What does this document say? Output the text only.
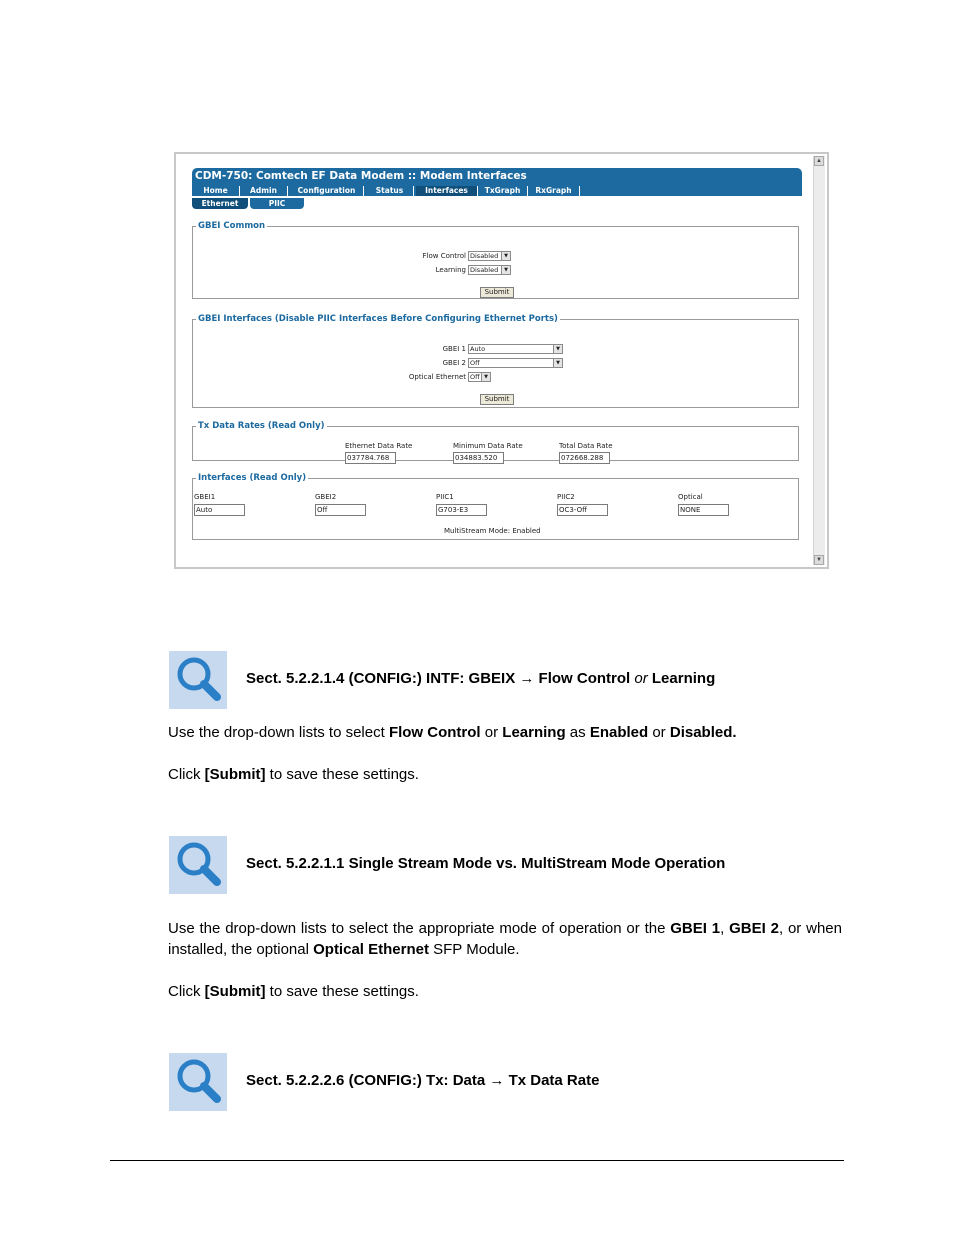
CDM-750: Comtech EF Data Modem :: Modem Interfaces
Home	Admin	Configuration	Status	Interfaces	TxGraph	RxGraph
Ethernet	PIIC
GBEI Common
Flow Control Disabled	▼
Learning Disabled	▼
Submit
GBEI Interfaces (Disable PIIC Interfaces Before Configuring Ethernet Ports)
GBEI 1 Auto	▼
GBEI 2 Off	▼
Optical Ethernet Off ▼
Submit
Tx Data Rates (Read Only)
Ethernet Data Rate
037784.768
Minimum Data Rate
034883.520
Total Data Rate
072668.288
Interfaces (Read Only)
GBEI1
Auto
GBEI2
Off
PIIC1
G703-E3
PIIC2
OC3-Off
Optical
NONE
MultiStream Mode: Enabled
▲
▼
Sect. 5.2.2.1.4 (CONFIG:) INTF: GBEIX → Flow Control or Learning
Use the drop-down lists to select Flow Control or Learning as Enabled or Disabled.
Click [Submit] to save these settings.
Sect. 5.2.2.1.1 Single Stream Mode vs. MultiStream Mode Operation
Use the drop-down lists to select the appropriate mode of operation or the GBEI 1, GBEI 2, or when installed, the optional Optical Ethernet SFP Module.
Click [Submit] to save these settings.
Sect. 5.2.2.2.6 (CONFIG:) Tx: Data → Tx Data Rate
